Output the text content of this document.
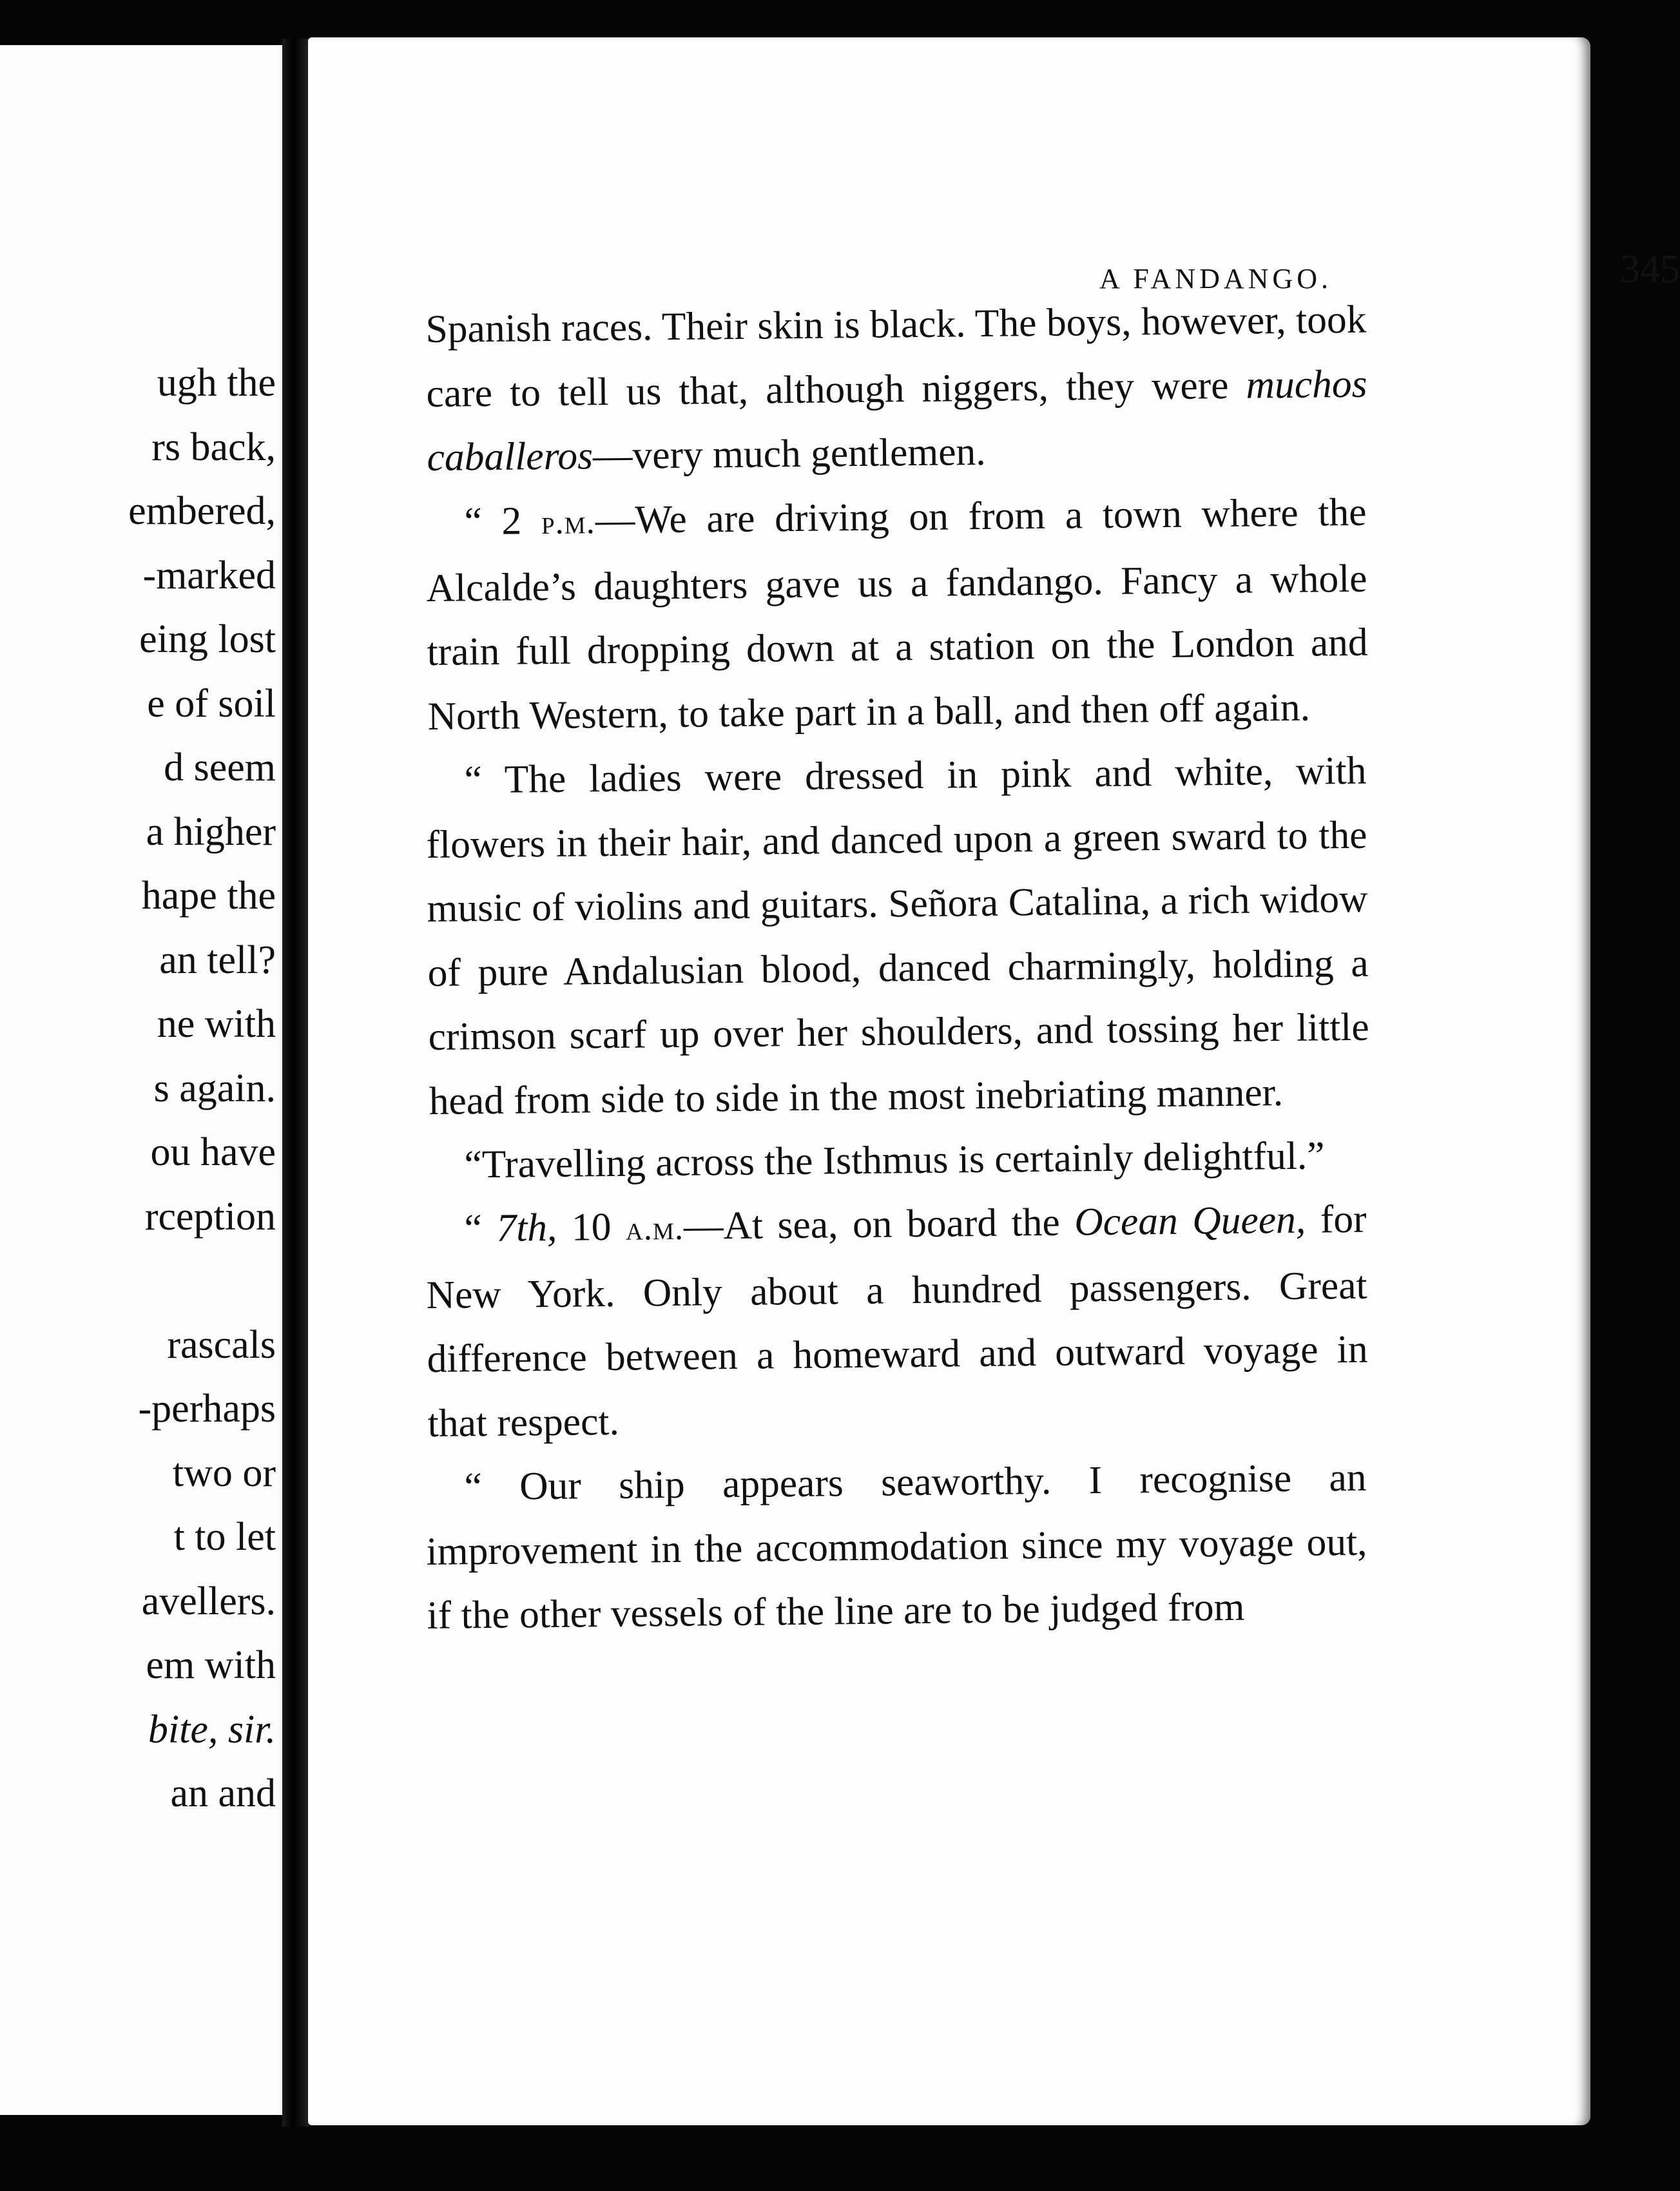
ugh the
rs back,
embered,
-marked
eing lost
e of soil
d seem
a higher
hape the
an tell?
ne with
s again.
ou have
rception
rascals
-perhaps
two or
t to let
avellers.
em with
bite, sir.
an and
A FANDANGO.	345

Spanish races. Their skin is black. The boys, however, took care to tell us that, although niggers, they were muchos caballeros—very much gentlemen.

“ 2 p.m.—We are driving on from a town where the Alcalde’s daughters gave us a fandango. Fancy a whole train full dropping down at a station on the London and North Western, to take part in a ball, and then off again.

“ The ladies were dressed in pink and white, with flowers in their hair, and danced upon a green sward to the music of violins and guitars. Señora Catalina, a rich widow of pure Andalusian blood, danced charmingly, holding a crimson scarf up over her shoulders, and tossing her little head from side to side in the most inebriating manner.

“Travelling across the Isthmus is certainly delightful.”

“ 7th, 10 a.m.—At sea, on board the Ocean Queen, for New York. Only about a hundred passengers. Great difference between a homeward and outward voyage in that respect.

“ Our ship appears seaworthy. I recognise an improvement in the accommodation since my voyage out, if the other vessels of the line are to be judged from
